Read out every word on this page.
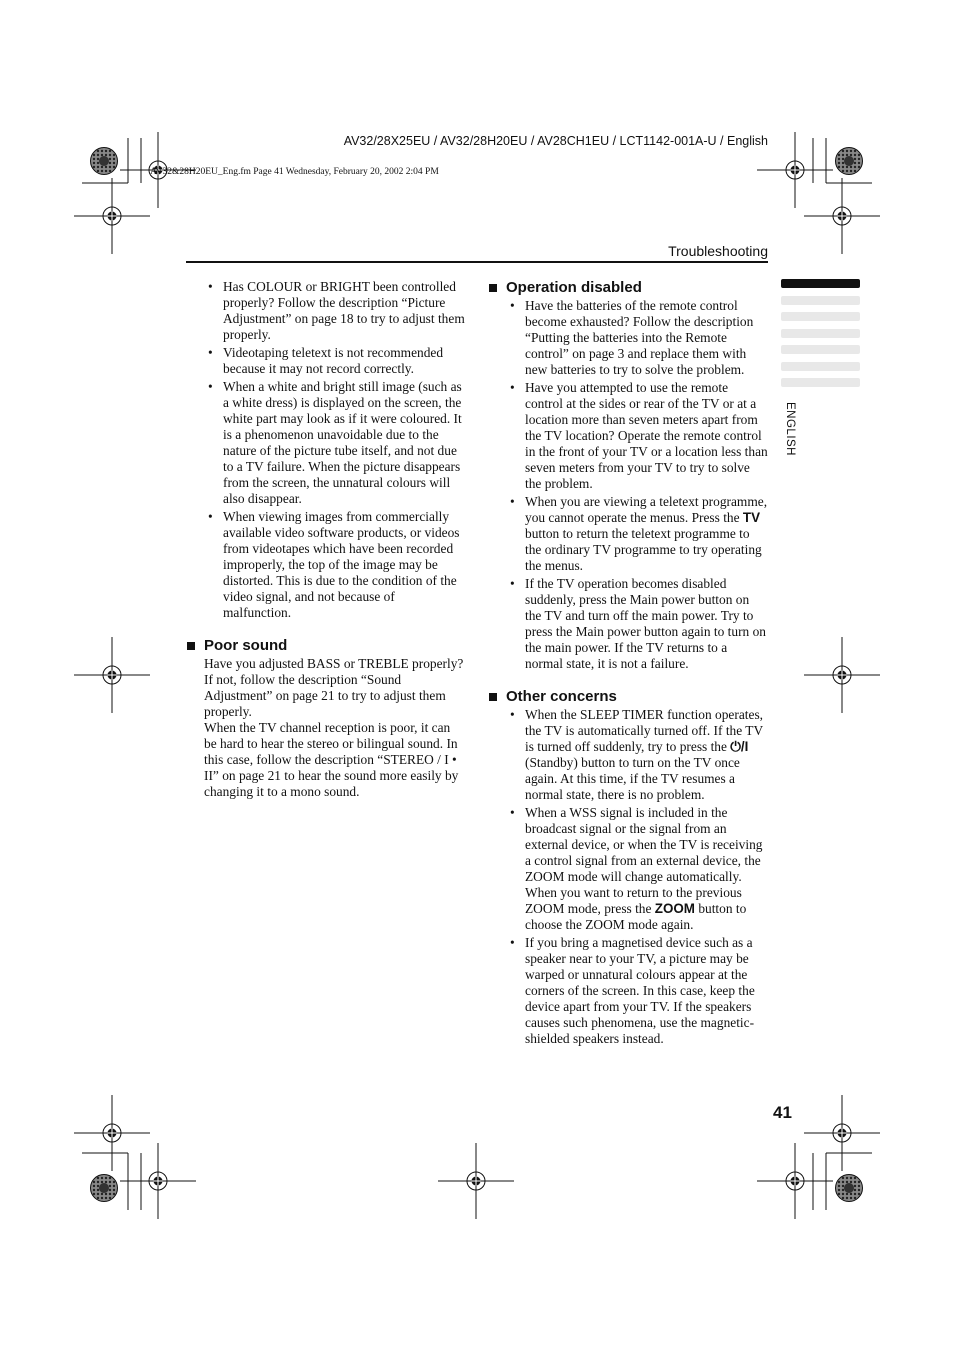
AV32/28X25EU / AV32/28H20EU / AV28CH1EU / LCT1142-001A-U / English
AV32&28H20EU_Eng.fm Page 41 Wednesday, February 20, 2002 2:04 PM
Troubleshooting
ENGLISH
• Has COLOUR or BRIGHT been controlled properly? Follow the description “Picture Adjustment” on page 18 to try to adjust them properly.
• Videotaping teletext is not recommended because it may not record correctly.
• When a white and bright still image (such as a white dress) is displayed on the screen, the white part may look as if it were coloured. It is a phenomenon unavoidable due to the nature of the picture tube itself, and not due to a TV failure. When the picture disappears from the screen, the unnatural colours will also disappear.
• When viewing images from commercially available video software products, or videos from videotapes which have been recorded improperly, the top of the image may be distorted. This is due to the condition of the video signal, and not because of malfunction.
Poor sound

Have you adjusted BASS or TREBLE properly? If not, follow the description “Sound Adjustment” on page 21 to try to adjust them properly.

When the TV channel reception is poor, it can be hard to hear the stereo or bilingual sound. In this case, follow the description “STEREO / I • II” on page 21 to hear the sound more easily by changing it to a mono sound.

Operation disabled
• Have the batteries of the remote control become exhausted? Follow the description “Putting the batteries into the Remote control” on page 3 and replace them with new batteries to try to solve the problem.
• Have you attempted to use the remote control at the sides or rear of the TV or at a location more than seven meters apart from the TV location? Operate the remote control in the front of your TV or a location less than seven meters from your TV to try to solve the problem.
• When you are viewing a teletext programme, you cannot operate the menus. Press the TV button to return the teletext programme to the ordinary TV programme to try operating the menus.
• If the TV operation becomes disabled suddenly, press the Main power button on the TV and turn off the main power. Try to press the Main power button again to turn on the main power. If the TV returns to a normal state, it is not a failure.
Other concerns
• When the SLEEP TIMER function operates, the TV is automatically turned off. If the TV is turned off suddenly, try to press the ⏻/I (Standby) button to turn on the TV once again. At this time, if the TV resumes a normal state, there is no problem.
• When a WSS signal is included in the broadcast signal or the signal from an external device, or when the TV is receiving a control signal from an external device, the ZOOM mode will change automatically. When you want to return to the previous ZOOM mode, press the ZOOM button to choose the ZOOM mode again.
• If you bring a magnetised device such as a speaker near to your TV, a picture may be warped or unnatural colours appear at the corners of the screen. In this case, keep the device apart from your TV. If the speakers causes such phenomena, use the magnetic-shielded speakers instead.
41
